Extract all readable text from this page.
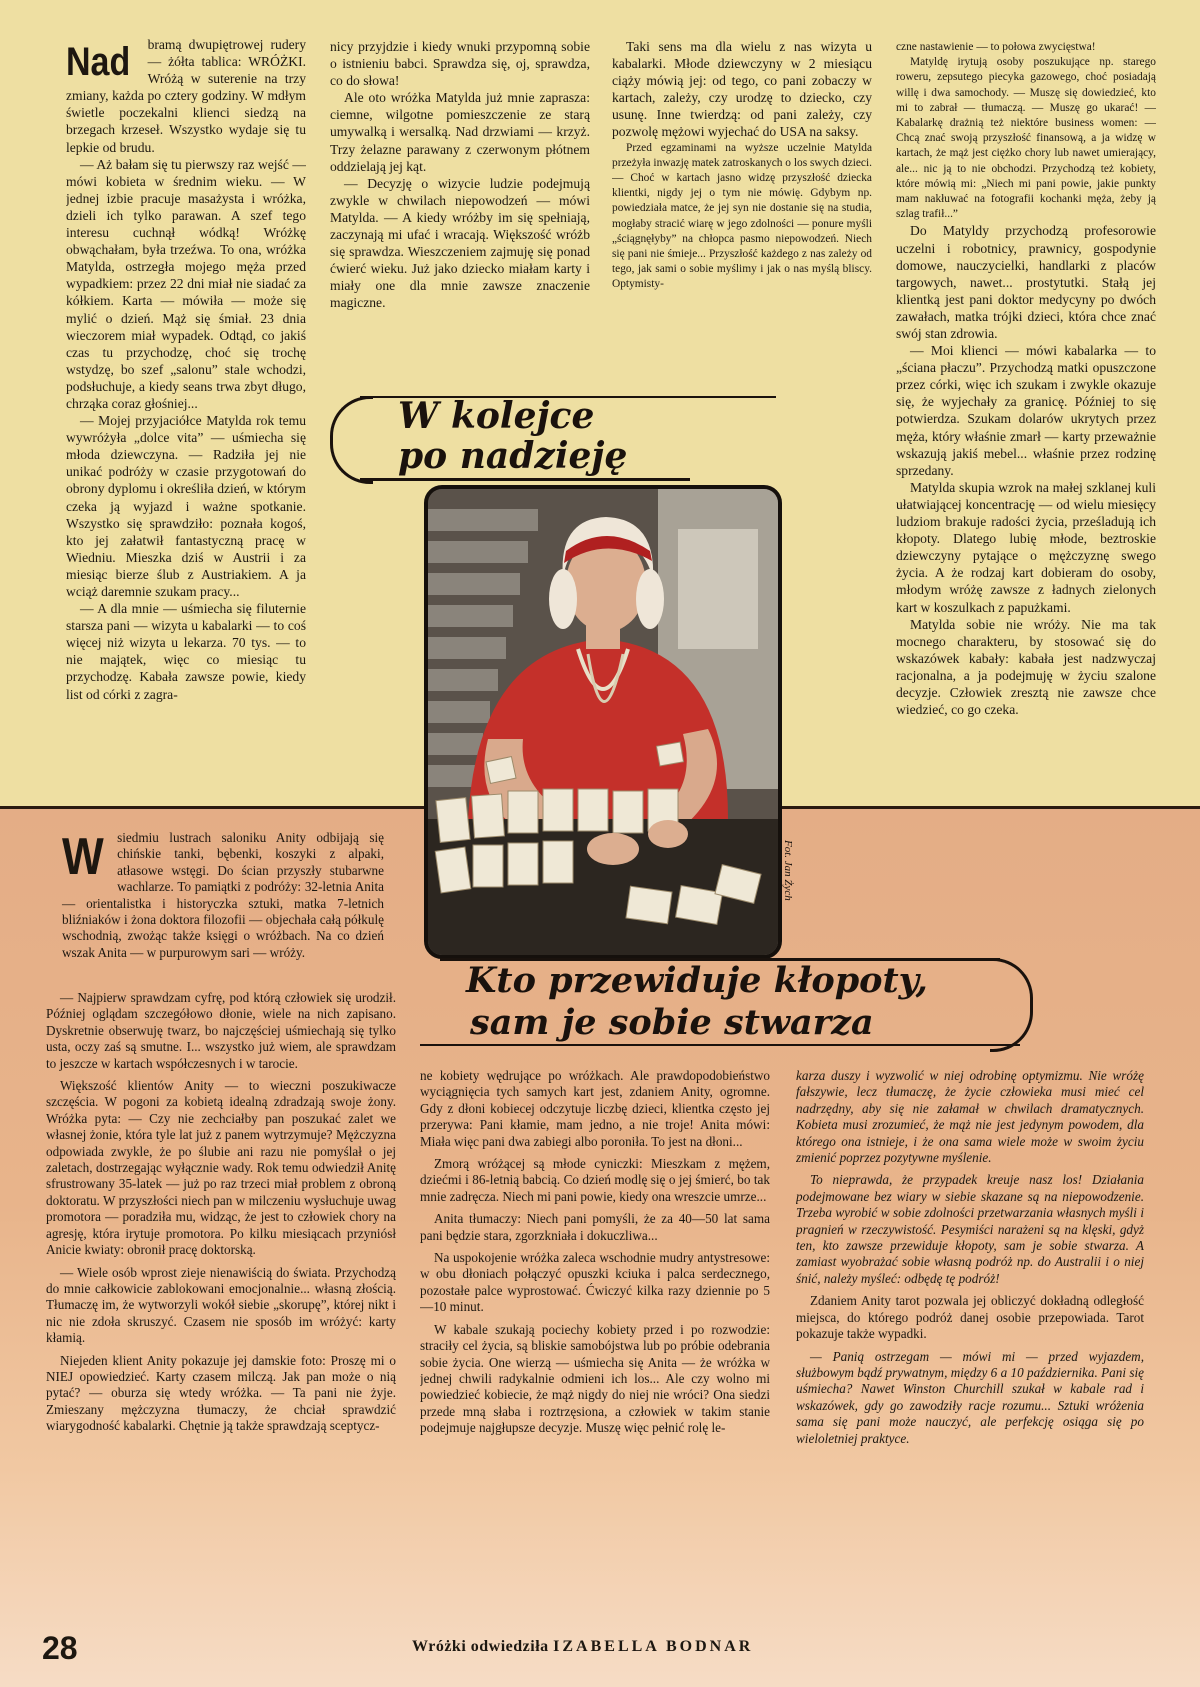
Nad	bramą dwupiętrowej rudery — żółta tablica: WRÓŻKI. Wróżą w suterenie na trzy zmiany, każda po cztery godziny. W mdłym świetle poczekalni klienci siedzą na brzegach krzeseł. Wszystko wydaje się tu lepkie od brudu.

— Aż bałam się tu pierwszy raz wejść — mówi kobieta w średnim wieku. — W jednej izbie pracuje masażysta i wróżka, dzieli ich tylko parawan. A szef tego interesu cuchnął wódką! Wróżkę obwąchałam, była trzeźwa. To ona, wróżka Matylda, ostrzegła mojego męża przed wypadkiem: przez 22 dni miał nie siadać za kółkiem. Karta — mówiła — może się mylić o dzień. Mąż się śmiał. 23 dnia wieczorem miał wypadek. Odtąd, co jakiś czas tu przychodzę, choć się trochę wstydzę, bo szef „salonu” stale wchodzi, podsłuchuje, a kiedy seans trwa zbyt długo, chrząka coraz głośniej...

— Mojej przyjaciółce Matylda rok temu wywróżyła „dolce vita” — uśmiecha się młoda dziewczyna. — Radziła jej nie unikać podróży w czasie przygotowań do obrony dyplomu i określiła dzień, w którym czeka ją wyjazd i ważne spotkanie. Wszystko się sprawdziło: poznała kogoś, kto jej załatwił fantastyczną pracę w Wiedniu. Mieszka dziś w Austrii i za miesiąc bierze ślub z Austriakiem. A ja wciąż daremnie szukam pracy...

— A dla mnie — uśmiecha się filuternie starsza pani — wizyta u kabalarki — to coś więcej niż wizyta u lekarza. 70 tys. — to nie majątek, więc co miesiąc tu przychodzę. Kabała zawsze powie, kiedy list od córki z zagra-

nicy przyjdzie i kiedy wnuki przypomną sobie o istnieniu babci. Sprawdza się, oj, sprawdza, co do słowa!

Ale oto wróżka Matylda już mnie zaprasza: ciemne, wilgotne pomieszczenie ze starą umywalką i wersalką. Nad drzwiami — krzyż. Trzy żelazne parawany z czerwonym płótnem oddzielają jej kąt.

— Decyzję o wizycie ludzie podejmują zwykle w chwilach niepowodzeń — mówi Matylda. — A kiedy wróżby im się spełniają, zaczynają mi ufać i wracają. Większość wróżb się sprawdza. Wieszczeniem zajmuję się ponad ćwierć wieku. Już jako dziecko miałam karty i miały one dla mnie zawsze znaczenie magiczne.

Taki sens ma dla wielu z nas wizyta u kabalarki. Młode dziewczyny w 2 miesiącu ciąży mówią jej: od tego, co pani zobaczy w kartach, zależy, czy urodzę to dziecko, czy usunę. Inne twierdzą: od pani zależy, czy pozwolę mężowi wyjechać do USA na saksy.

Przed egzaminami na wyższe uczelnie Matylda przeżyła inwazję matek zatroskanych o los swych dzieci. — Choć w kartach jasno widzę przyszłość dziecka klientki, nigdy jej o tym nie mówię. Gdybym np. powiedziała matce, że jej syn nie dostanie się na studia, mogłaby stracić wiarę w jego zdolności — ponure myśli „ściągnęłyby” na chłopca pasmo niepowodzeń. Niech się pani nie śmieje... Przyszłość każdego z nas zależy od tego, jak sami o sobie myślimy i jak o nas myślą bliscy. Optymisty-

czne nastawienie — to połowa zwycięstwa!

Matyldę irytują osoby poszukujące np. starego roweru, zepsutego piecyka gazowego, choć posiadają willę i dwa samochody. — Muszę się dowiedzieć, kto mi to zabrał — tłumaczą. — Muszę go ukarać! — Kabalarkę drażnią też niektóre business women: — Chcą znać swoją przyszłość finansową, a ja widzę w kartach, że mąż jest ciężko chory lub nawet umierający, ale... nic ją to nie obchodzi. Przychodzą też kobiety, które mówią mi: „Niech mi pani powie, jakie punkty mam nakłuwać na fotografii kochanki męża, żeby ją szlag trafił...”

Do Matyldy przychodzą profesorowie uczelni i robotnicy, prawnicy, gospodynie domowe, nauczycielki, handlarki z placów targowych, nawet... prostytutki. Stałą jej klientką jest pani doktor medycyny po dwóch zawałach, matka trójki dzieci, która chce znać swój stan zdrowia.

— Moi klienci — mówi kabalarka — to „ściana płaczu”. Przychodzą matki opuszczone przez córki, więc ich szukam i zwykle okazuje się, że wyjechały za granicę. Później to się potwierdza. Szukam dolarów ukrytych przez męża, który właśnie zmarł — karty przeważnie wskazują jakiś mebel... właśnie przez rodzinę sprzedany.

Matylda skupia wzrok na małej szklanej kuli ułatwiającej koncentrację — od wielu miesięcy ludziom brakuje radości życia, prześladują ich kłopoty. Dlatego lubię młode, beztroskie dziewczyny pytające o mężczyznę swego życia. A że rodzaj kart dobieram do osoby, młodym wróżę zawsze z ładnych zielonych kart w koszulkach z papużkami.

Matylda sobie nie wróży. Nie ma tak mocnego charakteru, by stosować się do wskazówek kabały: kabała jest nadzwyczaj racjonalna, a ja podejmuję w życiu szalone decyzje. Człowiek zresztą nie zawsze chce wiedzieć, co go czeka.

W kolejce
po nadzieję
Fot. Jan Żych
Kto przewiduje kłopoty,
sam je sobie stwarza
W	siedmiu lustrach saloniku Anity odbijają się chińskie tanki, bębenki, koszyki z alpaki, atłasowe wstęgi. Do ścian przyszły stubarwne wachlarze. To pamiątki z podróży: 32-letnia Anita — orientalistka i historyczka sztuki, matka 7-letnich bliźniaków i żona doktora filozofii — objechała całą półkulę wschodnią, zwożąc także księgi o wróżbach. Na co dzień wszak Anita — w purpurowym sari — wróży.

— Najpierw sprawdzam cyfrę, pod którą człowiek się urodził. Później oglądam szczegółowo dłonie, wiele na nich zapisano. Dyskretnie obserwuję twarz, bo najczęściej uśmiechają się tylko usta, oczy zaś są smutne. I... wszystko już wiem, ale sprawdzam to jeszcze w kartach współczesnych i w tarocie.

Większość klientów Anity — to wieczni poszukiwacze szczęścia. W pogoni za kobietą idealną zdradzają swoje żony. Wróżka pyta: — Czy nie zechciałby pan poszukać zalet we własnej żonie, która tyle lat już z panem wytrzymuje? Mężczyzna odpowiada zwykle, że po ślubie ani razu nie pomyślał o jej zaletach, dostrzegając wyłącznie wady. Rok temu odwiedził Anitę sfrustrowany 35-latek — już po raz trzeci miał problem z obroną doktoratu. W przyszłości niech pan w milczeniu wysłuchuje uwag promotora — poradziła mu, widząc, że jest to człowiek chory na agresję, która irytuje promotora. Po kilku miesiącach przyniósł Anicie kwiaty: obronił pracę doktorską.

— Wiele osób wprost zieje nienawiścią do świata. Przychodzą do mnie całkowicie zablokowani emocjonalnie... własną złością. Tłumaczę im, że wytworzyli wokół siebie „skorupę”, której nikt i nic nie zdoła skruszyć. Czasem nie sposób im wróżyć: karty kłamią.

Niejeden klient Anity pokazuje jej damskie foto: Proszę mi o NIEJ opowiedzieć. Karty czasem milczą. Jak pan może o nią pytać? — oburza się wtedy wróżka. — Ta pani nie żyje. Zmieszany mężczyzna tłumaczy, że chciał sprawdzić wiarygodność kabalarki. Chętnie ją także sprawdzają sceptycz-

ne kobiety wędrujące po wróżkach. Ale prawdopodobieństwo wyciągnięcia tych samych kart jest, zdaniem Anity, ogromne. Gdy z dłoni kobiecej odczytuje liczbę dzieci, klientka często jej przerywa: Pani kłamie, mam jedno, a nie troje! Anita mówi: Miała więc pani dwa zabiegi albo poroniła. To jest na dłoni...

Zmorą wróżącej są młode cyniczki: Mieszkam z mężem, dziećmi i 86-letnią babcią. Co dzień modlę się o jej śmierć, bo tak mnie zadręcza. Niech mi pani powie, kiedy ona wreszcie umrze...

Anita tłumaczy: Niech pani pomyśli, że za 40—50 lat sama pani będzie stara, zgorzkniała i dokuczliwa...

Na uspokojenie wróżka zaleca wschodnie mudry antystresowe: w obu dłoniach połączyć opuszki kciuka i palca serdecznego, pozostałe palce wyprostować. Ćwiczyć kilka razy dziennie po 5—10 minut.

W kabale szukają pociechy kobiety przed i po rozwodzie: straciły cel życia, są bliskie samobójstwa lub po próbie odebrania sobie życia. One wierzą — uśmiecha się Anita — że wróżka w jednej chwili radykalnie odmieni ich los... Ale czy wolno mi powiedzieć kobiecie, że mąż nigdy do niej nie wróci? Ona siedzi przede mną słaba i roztrzęsiona, a człowiek w takim stanie podejmuje najgłupsze decyzje. Muszę więc pełnić rolę le-

karza duszy i wyzwolić w niej odrobinę optymizmu. Nie wróżę fałszywie, lecz tłumaczę, że życie człowieka musi mieć cel nadrzędny, aby się nie załamał w chwilach dramatycznych. Kobieta musi zrozumieć, że mąż nie jest jedynym powodem, dla którego ona istnieje, i że ona sama wiele może w swoim życiu zmienić poprzez pozytywne myślenie.

To nieprawda, że przypadek kreuje nasz los! Działania podejmowane bez wiary w siebie skazane są na niepowodzenie. Trzeba wyrobić w sobie zdolności przetwarzania własnych myśli i pragnień w rzeczywistość. Pesymiści narażeni są na klęski, gdyż ten, kto zawsze przewiduje kłopoty, sam je sobie stwarza. A zamiast wyobrażać sobie własną podróż np. do Australii i o niej śnić, należy myśleć: odbędę tę podróż!

Zdaniem Anity tarot pozwala jej obliczyć dokładną odległość miejsca, do którego podróż danej osobie przepowiada. Tarot pokazuje także wypadki.

— Panią ostrzegam — mówi mi — przed wyjazdem, służbowym bądź prywatnym, między 6 a 10 października. Pani się uśmiecha? Nawet Winston Churchill szukał w kabale rad i wskazówek, gdy go zawodziły racje rozumu... Sztuki wróżenia sama się pani może nauczyć, ale perfekcję osiąga się po wieloletniej praktyce.

28	Wróżki odwiedziła IZABELLA BODNAR
